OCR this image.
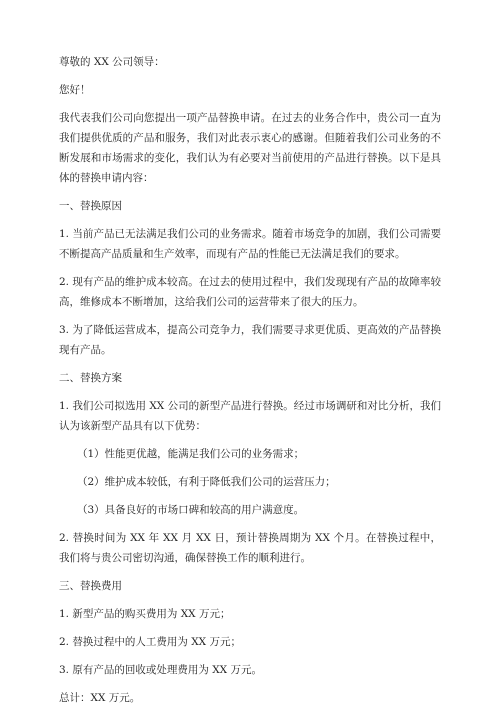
尊敬的 XX 公司领导：

您好！

我代表我们公司向您提出一项产品替换申请。在过去的业务合作中，贵公司一直为我们提供优质的产品和服务，我们对此表示衷心的感谢。但随着我们公司业务的不断发展和市场需求的变化，我们认为有必要对当前使用的产品进行替换。以下是具体的替换申请内容：

一、替换原因

1. 当前产品已无法满足我们公司的业务需求。随着市场竞争的加剧，我们公司需要不断提高产品质量和生产效率，而现有产品的性能已无法满足我们的要求。

2. 现有产品的维护成本较高。在过去的使用过程中，我们发现现有产品的故障率较高，维修成本不断增加，这给我们公司的运营带来了很大的压力。

3. 为了降低运营成本，提高公司竞争力，我们需要寻求更优质、更高效的产品替换现有产品。

二、替换方案

1. 我们公司拟选用 XX 公司的新型产品进行替换。经过市场调研和对比分析，我们认为该新型产品具有以下优势：

（1）性能更优越，能满足我们公司的业务需求；

（2）维护成本较低，有利于降低我们公司的运营压力；

（3）具备良好的市场口碑和较高的用户满意度。

2. 替换时间为 XX 年 XX 月 XX 日，预计替换周期为 XX 个月。在替换过程中，我们将与贵公司密切沟通，确保替换工作的顺利进行。

三、替换费用

1. 新型产品的购买费用为 XX 万元；

2. 替换过程中的人工费用为 XX 万元；

3. 原有产品的回收或处理费用为 XX 万元。

总计：XX 万元。
